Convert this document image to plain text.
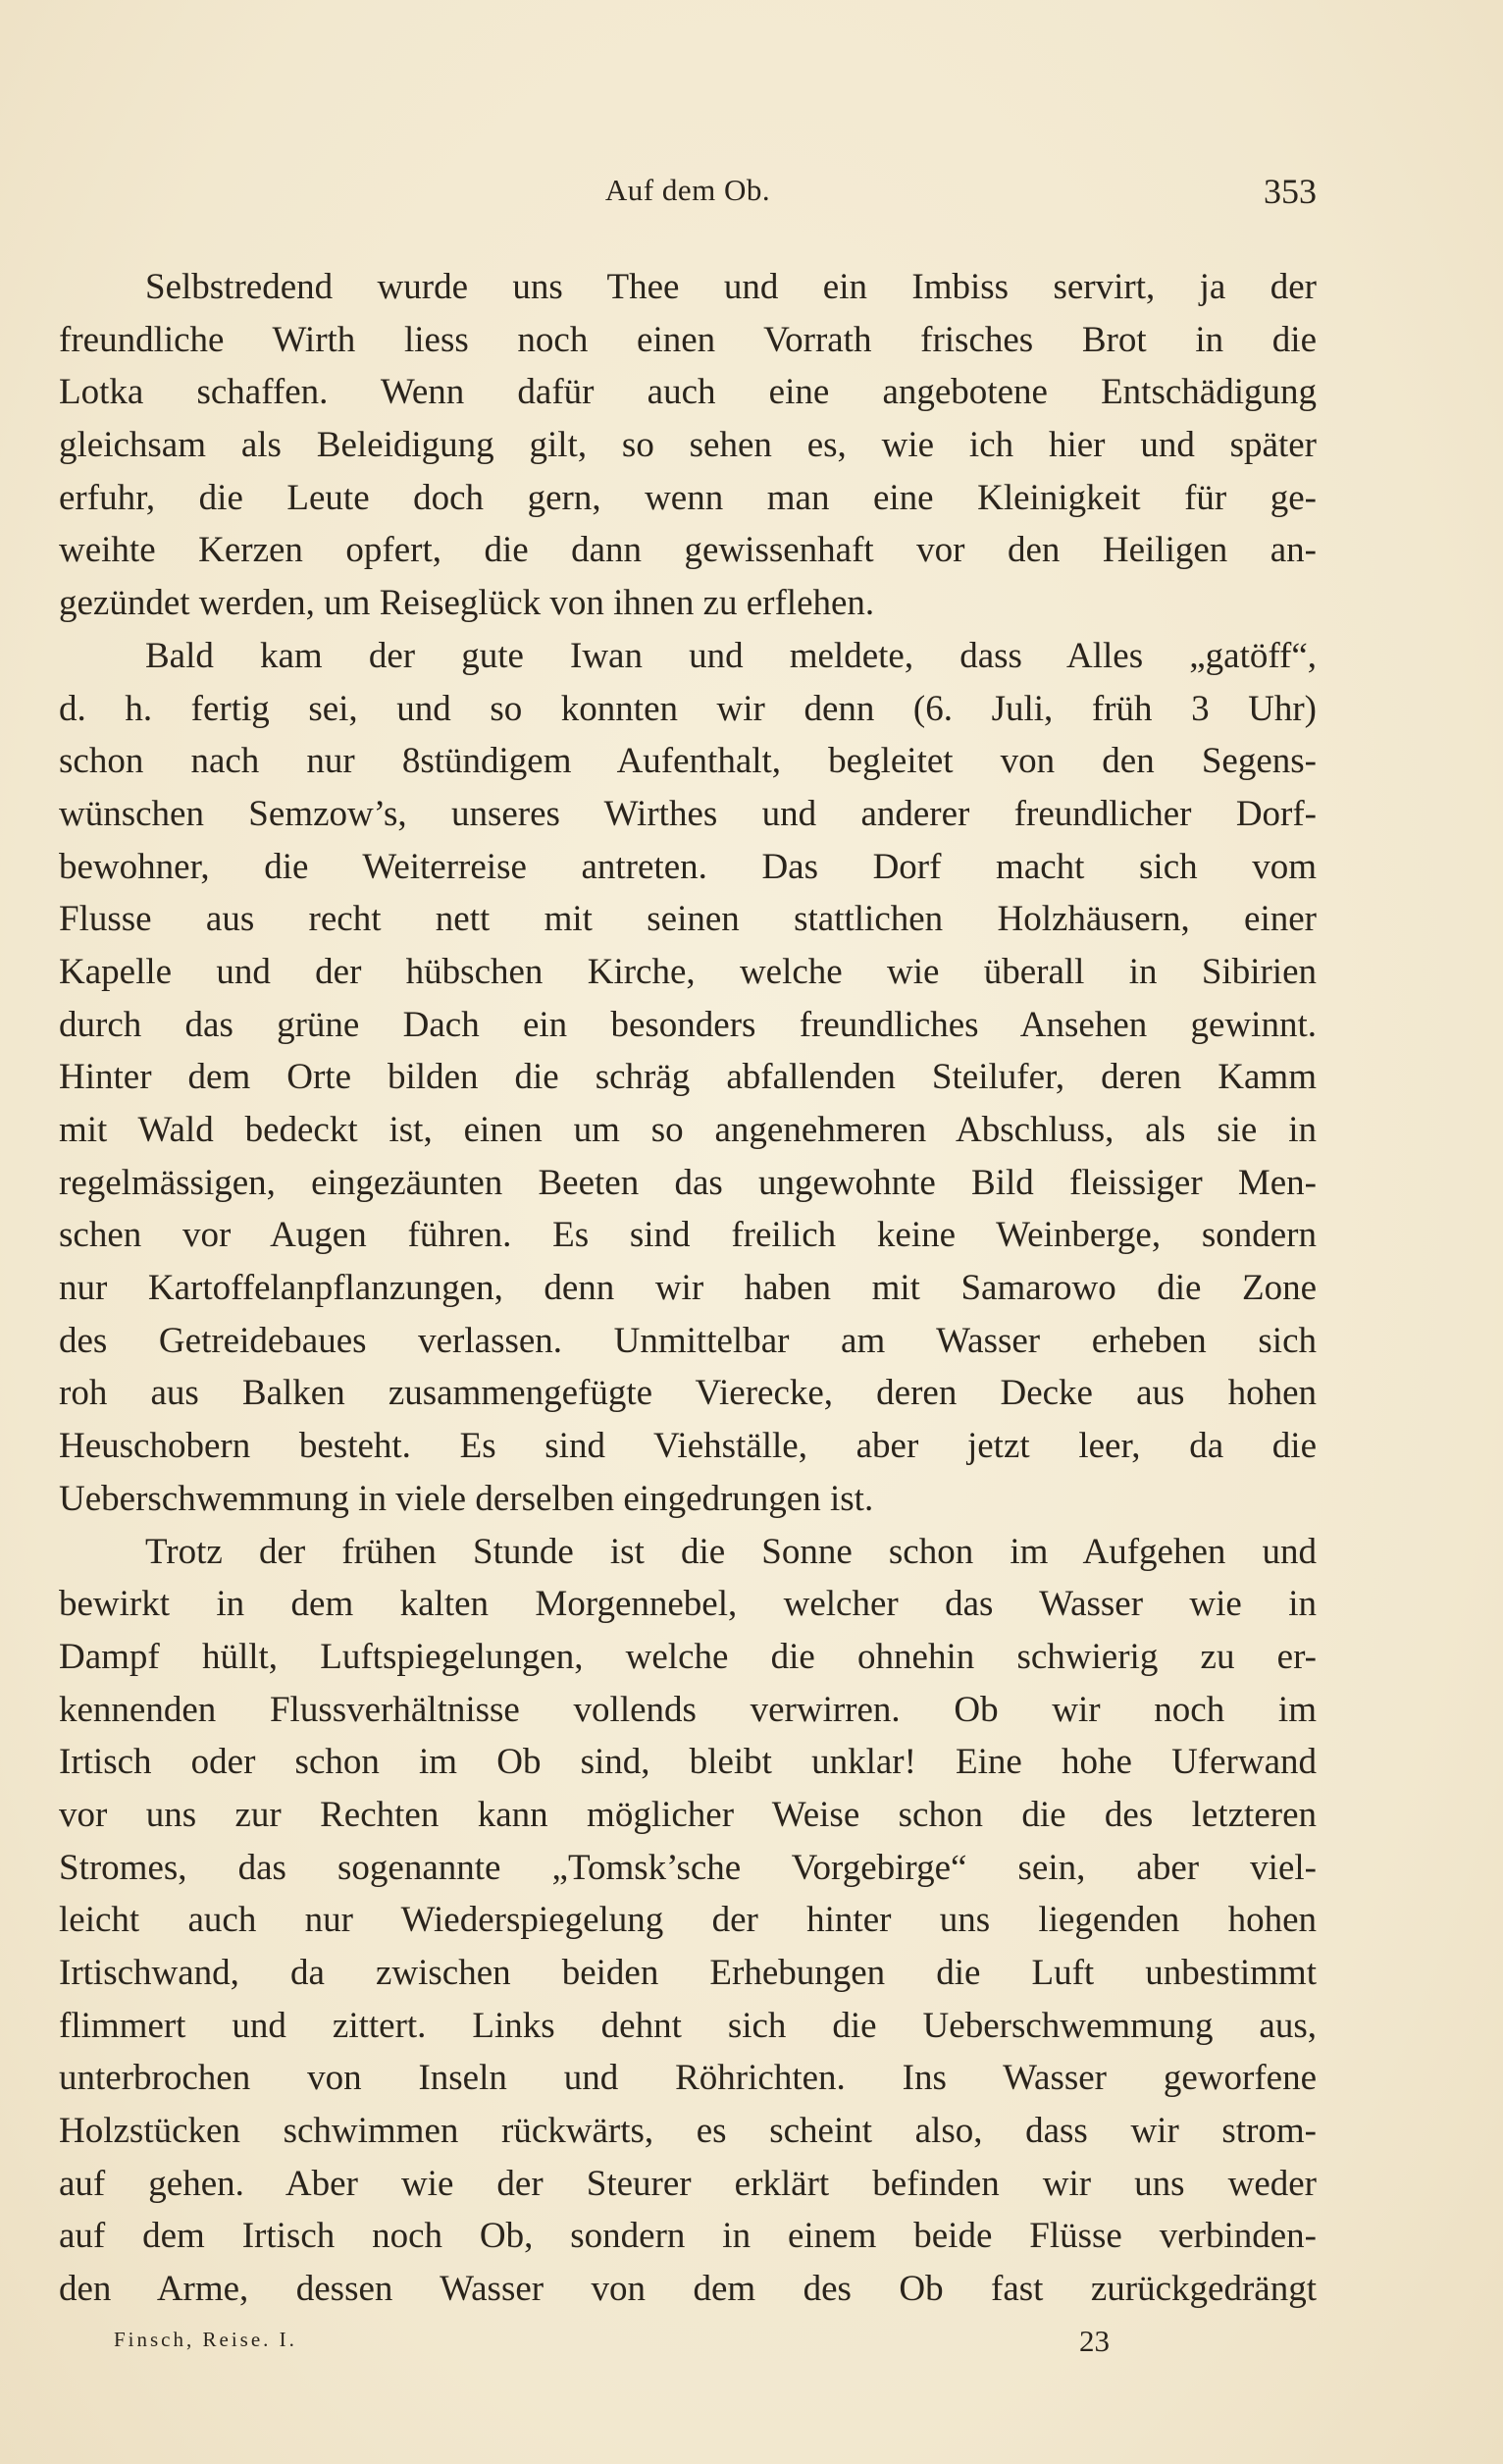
Auf dem Ob.	353
Selbstredend wurde uns Thee und ein Imbiss servirt, ja der
freundliche Wirth liess noch einen Vorrath frisches Brot in die
Lotka schaffen. Wenn dafür auch eine angebotene Entschädigung
gleichsam als Beleidigung gilt, so sehen es, wie ich hier und später
erfuhr, die Leute doch gern, wenn man eine Kleinigkeit für ge-
weihte Kerzen opfert, die dann gewissenhaft vor den Heiligen an-
gezündet werden, um Reiseglück von ihnen zu erflehen.
Bald kam der gute Iwan und meldete, dass Alles „gatöff“,
d. h. fertig sei, und so konnten wir denn (6. Juli, früh 3 Uhr)
schon nach nur 8stündigem Aufenthalt, begleitet von den Segens-
wünschen Semzow’s, unseres Wirthes und anderer freundlicher Dorf-
bewohner, die Weiterreise antreten. Das Dorf macht sich vom
Flusse aus recht nett mit seinen stattlichen Holzhäusern, einer
Kapelle und der hübschen Kirche, welche wie überall in Sibirien
durch das grüne Dach ein besonders freundliches Ansehen gewinnt.
Hinter dem Orte bilden die schräg abfallenden Steilufer, deren Kamm
mit Wald bedeckt ist, einen um so angenehmeren Abschluss, als sie in
regelmässigen, eingezäunten Beeten das ungewohnte Bild fleissiger Men-
schen vor Augen führen. Es sind freilich keine Weinberge, sondern
nur Kartoffelanpflanzungen, denn wir haben mit Samarowo die Zone
des Getreidebaues verlassen. Unmittelbar am Wasser erheben sich
roh aus Balken zusammengefügte Vierecke, deren Decke aus hohen
Heuschobern besteht. Es sind Viehställe, aber jetzt leer, da die
Ueberschwemmung in viele derselben eingedrungen ist.
Trotz der frühen Stunde ist die Sonne schon im Aufgehen und
bewirkt in dem kalten Morgennebel, welcher das Wasser wie in
Dampf hüllt, Luftspiegelungen, welche die ohnehin schwierig zu er-
kennenden Flussverhältnisse vollends verwirren. Ob wir noch im
Irtisch oder schon im Ob sind, bleibt unklar! Eine hohe Uferwand
vor uns zur Rechten kann möglicher Weise schon die des letzteren
Stromes, das sogenannte „Tomsk’sche Vorgebirge“ sein, aber viel-
leicht auch nur Wiederspiegelung der hinter uns liegenden hohen
Irtischwand, da zwischen beiden Erhebungen die Luft unbestimmt
flimmert und zittert. Links dehnt sich die Ueberschwemmung aus,
unterbrochen von Inseln und Röhrichten. Ins Wasser geworfene
Holzstücken schwimmen rückwärts, es scheint also, dass wir strom-
auf gehen. Aber wie der Steurer erklärt befinden wir uns weder
auf dem Irtisch noch Ob, sondern in einem beide Flüsse verbinden-
den Arme, dessen Wasser von dem des Ob fast zurückgedrängt
Finsch, Reise. I.	23
